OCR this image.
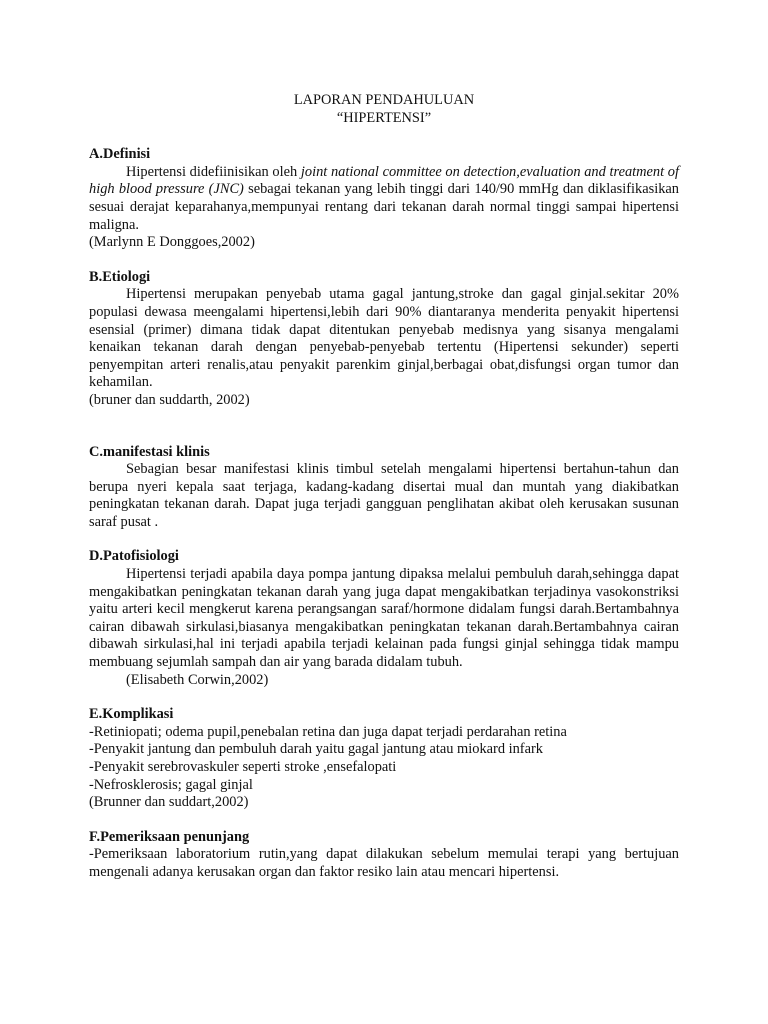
LAPORAN PENDAHULUAN
“HIPERTENSI”

A.Definisi

Hipertensi didefiinisikan oleh joint national committee on detection,evaluation and treatment of high blood pressure (JNC) sebagai tekanan yang lebih tinggi dari 140/90 mmHg dan diklasifikasikan sesuai derajat keparahanya,mempunyai rentang dari tekanan darah normal tinggi sampai hipertensi maligna.

(Marlynn E Donggoes,2002)

B.Etiologi

Hipertensi merupakan penyebab utama gagal jantung,stroke dan gagal ginjal.sekitar 20% populasi dewasa meengalami hipertensi,lebih dari 90% diantaranya menderita penyakit hipertensi esensial (primer) dimana tidak dapat ditentukan penyebab medisnya yang sisanya mengalami kenaikan tekanan darah dengan penyebab-penyebab tertentu (Hipertensi sekunder) seperti penyempitan arteri renalis,atau penyakit parenkim ginjal,berbagai obat,disfungsi organ tumor dan kehamilan.

(bruner dan suddarth, 2002)

C.manifestasi klinis

Sebagian besar manifestasi klinis timbul setelah mengalami hipertensi bertahun-tahun dan berupa nyeri kepala saat terjaga, kadang-kadang disertai mual dan muntah yang diakibatkan peningkatan tekanan darah. Dapat juga terjadi gangguan penglihatan akibat oleh kerusakan susunan saraf pusat .

D.Patofisiologi

Hipertensi terjadi apabila daya pompa jantung dipaksa melalui pembuluh darah,sehingga dapat mengakibatkan peningkatan tekanan darah yang juga dapat mengakibatkan terjadinya vasokonstriksi yaitu arteri kecil mengkerut karena perangsangan saraf/hormone didalam fungsi darah.Bertambahnya cairan dibawah sirkulasi,biasanya mengakibatkan peningkatan tekanan darah.Bertambahnya cairan dibawah sirkulasi,hal ini terjadi apabila terjadi kelainan pada fungsi ginjal sehingga tidak mampu membuang sejumlah sampah dan air yang barada didalam tubuh.

(Elisabeth Corwin,2002)

E.Komplikasi

-Retiniopati; odema pupil,penebalan retina dan juga dapat terjadi perdarahan retina

-Penyakit jantung dan pembuluh darah yaitu gagal jantung atau miokard infark

-Penyakit serebrovaskuler seperti stroke ,ensefalopati

-Nefrosklerosis; gagal ginjal

(Brunner dan suddart,2002)

F.Pemeriksaan penunjang

-Pemeriksaan laboratorium rutin,yang dapat dilakukan sebelum memulai terapi yang bertujuan mengenali adanya kerusakan organ dan faktor resiko lain atau mencari hipertensi.
